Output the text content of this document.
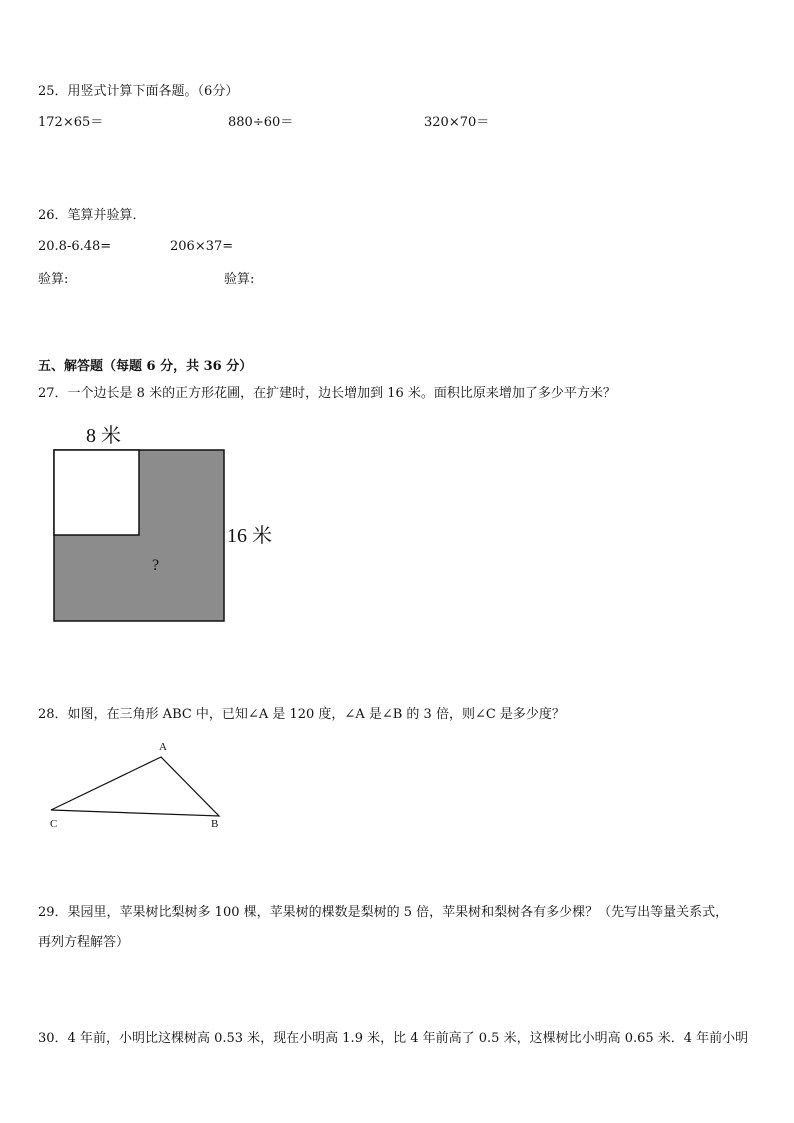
25．用竖式计算下面各题。（6分）
172×65＝	880÷60＝	320×70＝
26．笔算并验算．
20.8-6.48=	206×37=
验算:	验算:
五、解答题（每题 6 分，共 36 分）
27．一个边长是 8 米的正方形花圃，在扩建时，边长增加到 16 米。面积比原来增加了多少平方米？
8 米
16 米
?
28．如图，在三角形 ABC 中，已知∠A 是 120 度，∠A 是∠B 的 3 倍，则∠C 是多少度？
A
C	B
29．果园里，苹果树比梨树多 100 棵，苹果树的棵数是梨树的 5 倍，苹果树和梨树各有多少棵？（先写出等量关系式，
再列方程解答）
30．4 年前，小明比这棵树高 0.53 米，现在小明高 1.9 米，比 4 年前高了 0.5 米，这棵树比小明高 0.65 米．4 年前小明
